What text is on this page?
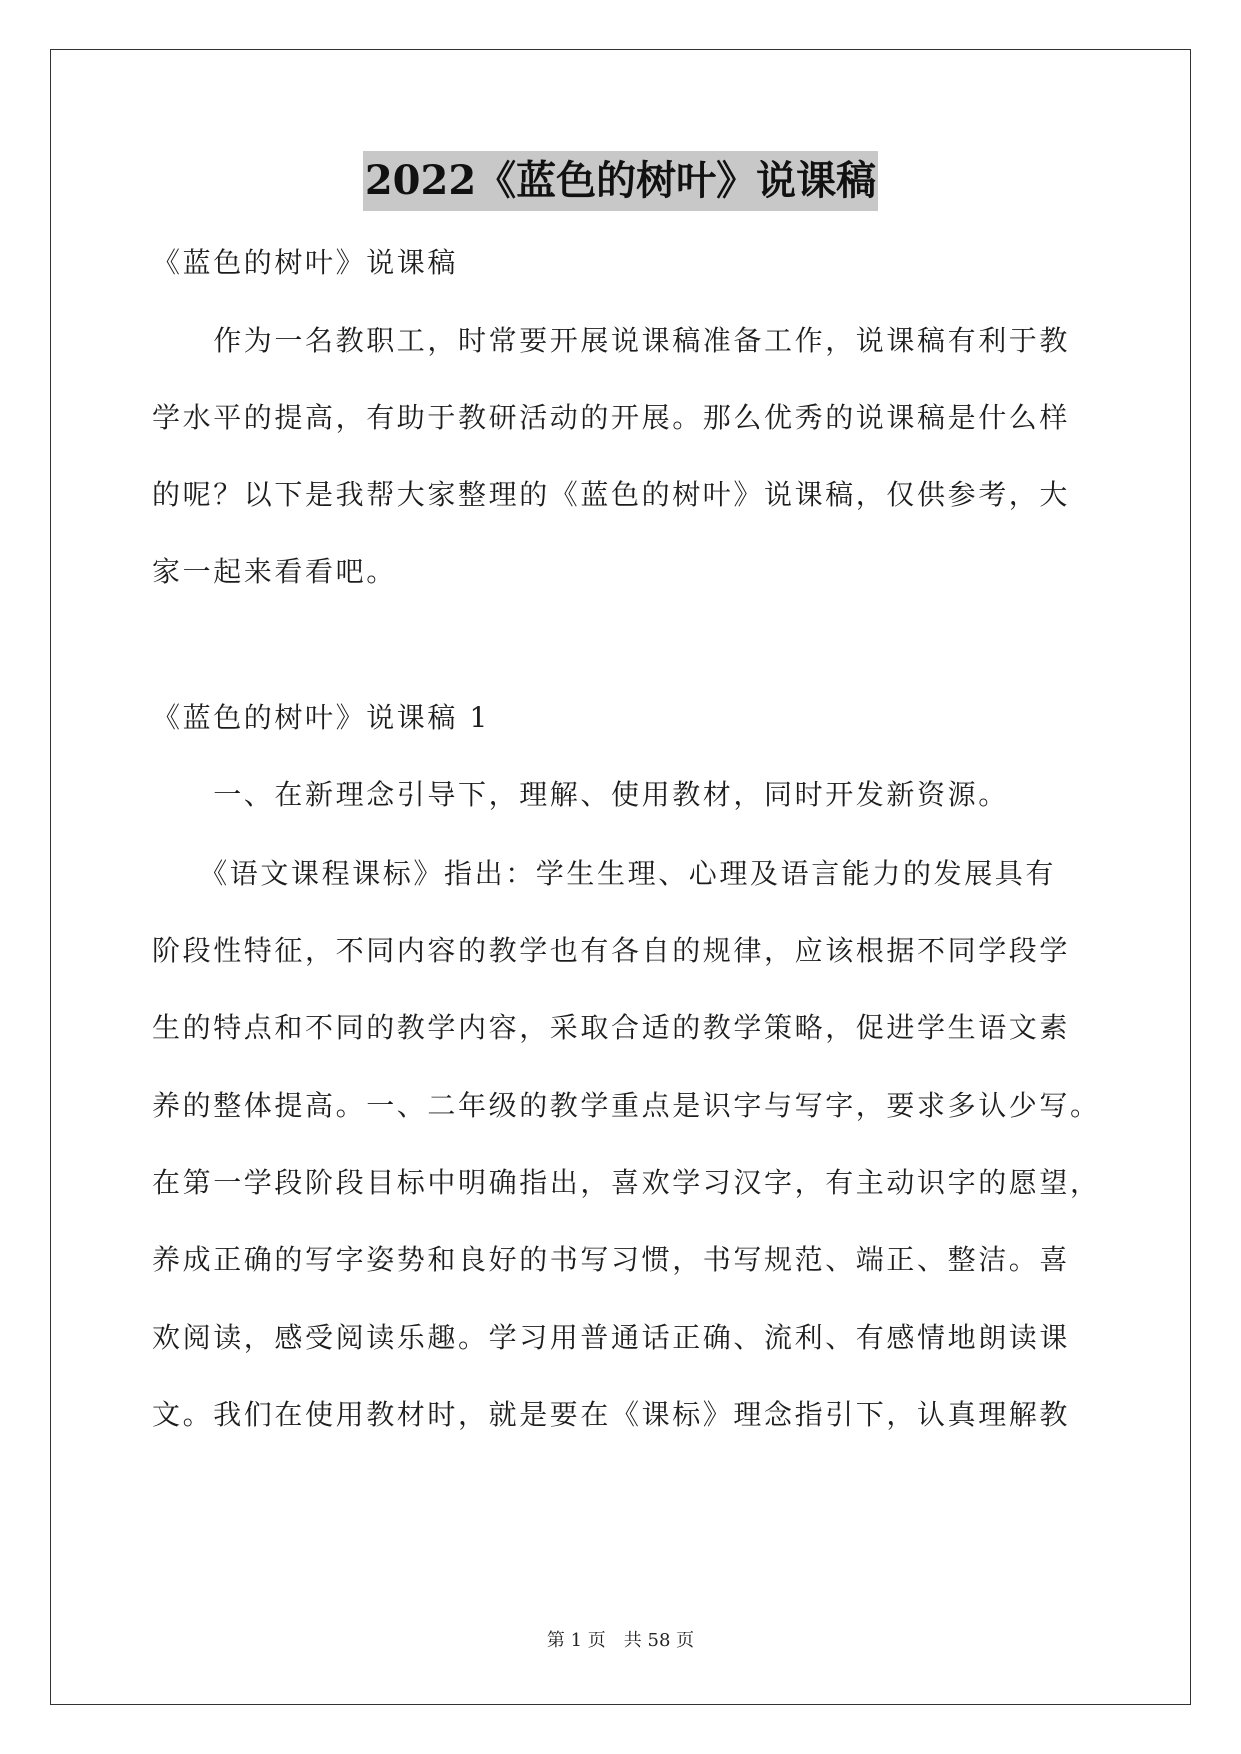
2022《蓝色的树叶》说课稿
《蓝色的树叶》说课稿
　　作为一名教职工，时常要开展说课稿准备工作，说课稿有利于教
学水平的提高，有助于教研活动的开展。那么优秀的说课稿是什么样
的呢？以下是我帮大家整理的《蓝色的树叶》说课稿，仅供参考，大
家一起来看看吧。
《蓝色的树叶》说课稿 1
　　一、在新理念引导下，理解、使用教材，同时开发新资源。
　　《语文课程课标》指出：学生生理、心理及语言能力的发展具有
阶段性特征，不同内容的教学也有各自的规律，应该根据不同学段学
生的特点和不同的教学内容，采取合适的教学策略，促进学生语文素
养的整体提高。一、二年级的教学重点是识字与写字，要求多认少写。
在第一学段阶段目标中明确指出，喜欢学习汉字，有主动识字的愿望，
养成正确的写字姿势和良好的书写习惯，书写规范、端正、整洁。喜
欢阅读，感受阅读乐趣。学习用普通话正确、流利、有感情地朗读课
文。我们在使用教材时，就是要在《课标》理念指引下，认真理解教
第 1 页 共 58 页
